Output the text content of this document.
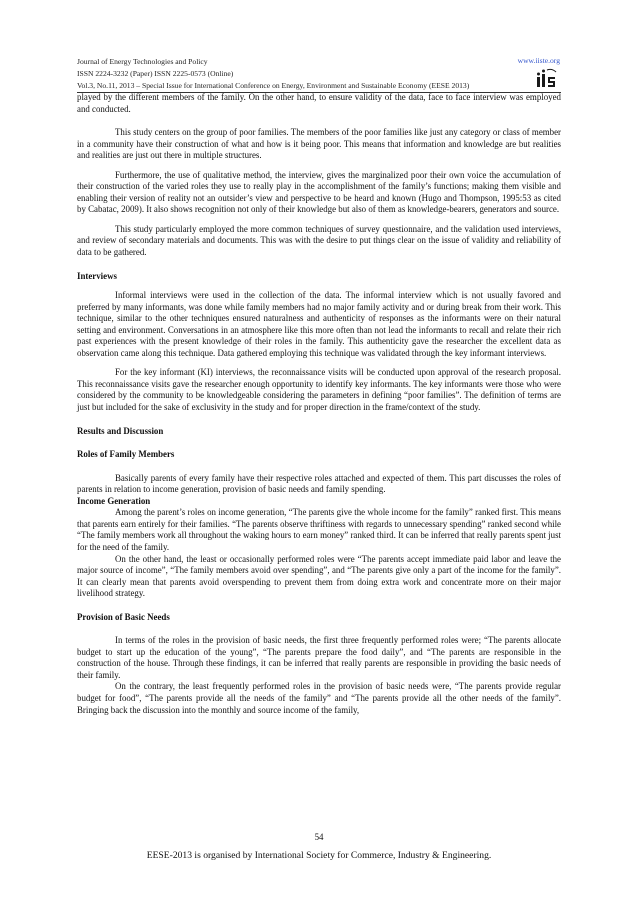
Journal of Energy Technologies and Policy
ISSN 2224-3232 (Paper) ISSN 2225-0573 (Online)
Vol.3, No.11, 2013 – Special Issue for International Conference on Energy, Environment and Sustainable Economy (EESE 2013)
www.iiste.org

played by the different members of the family. On the other hand, to ensure validity of the data, face to face interview was employed and conducted.

This study centers on the group of poor families. The members of the poor families like just any category or class of member in a community have their construction of what and how is it being poor. This means that information and knowledge are but realities and realities are just out there in multiple structures.

Furthermore, the use of qualitative method, the interview, gives the marginalized poor their own voice the accumulation of their construction of the varied roles they use to really play in the accomplishment of the family’s functions; making them visible and enabling their version of reality not an outsider’s view and perspective to be heard and known (Hugo and Thompson, 1995:53 as cited by Cabatac, 2009). It also shows recognition not only of their knowledge but also of them as knowledge-bearers, generators and source.

This study particularly employed the more common techniques of survey questionnaire, and the validation used interviews, and review of secondary materials and documents. This was with the desire to put things clear on the issue of validity and reliability of data to be gathered.

Interviews

Informal interviews were used in the collection of the data. The informal interview which is not usually favored and preferred by many informants, was done while family members had no major family activity and or during break from their work. This technique, similar to the other techniques ensured naturalness and authenticity of responses as the informants were on their natural setting and environment. Conversations in an atmosphere like this more often than not lead the informants to recall and relate their rich past experiences with the present knowledge of their roles in the family. This authenticity gave the researcher the excellent data as observation came along this technique. Data gathered employing this technique was validated through the key informant interviews.

For the key informant (KI) interviews, the reconnaissance visits will be conducted upon approval of the research proposal. This reconnaissance visits gave the researcher enough opportunity to identify key informants. The key informants were those who were considered by the community to be knowledgeable considering the parameters in defining “poor families”. The definition of terms are just but included for the sake of exclusivity in the study and for proper direction in the frame/context of the study.

Results and Discussion

Roles of Family Members

Basically parents of every family have their respective roles attached and expected of them. This part discusses the roles of parents in relation to income generation, provision of basic needs and family spending.

Income Generation

Among the parent’s roles on income generation, “The parents give the whole income for the family” ranked first. This means that parents earn entirely for their families. “The parents observe thriftiness with regards to unnecessary spending” ranked second while “The family members work all throughout the waking hours to earn money” ranked third. It can be inferred that really parents spent just for the need of the family.

On the other hand, the least or occasionally performed roles were “The parents accept immediate paid labor and leave the major source of income”, “The family members avoid over spending”, and “The parents give only a part of the income for the family”. It can clearly mean that parents avoid overspending to prevent them from doing extra work and concentrate more on their major livelihood strategy.

Provision of Basic Needs

In terms of the roles in the provision of basic needs, the first three frequently performed roles were; “The parents allocate budget to start up the education of the young”, “The parents prepare the food daily”, and “The parents are responsible in the construction of the house. Through these findings, it can be inferred that really parents are responsible in providing the basic needs of their family.

On the contrary, the least frequently performed roles in the provision of basic needs were, “The parents provide regular budget for food”, “The parents provide all the needs of the family” and “The parents provide all the other needs of the family”. Bringing back the discussion into the monthly and source income of the family,

54
EESE-2013 is organised by International Society for Commerce, Industry & Engineering.
